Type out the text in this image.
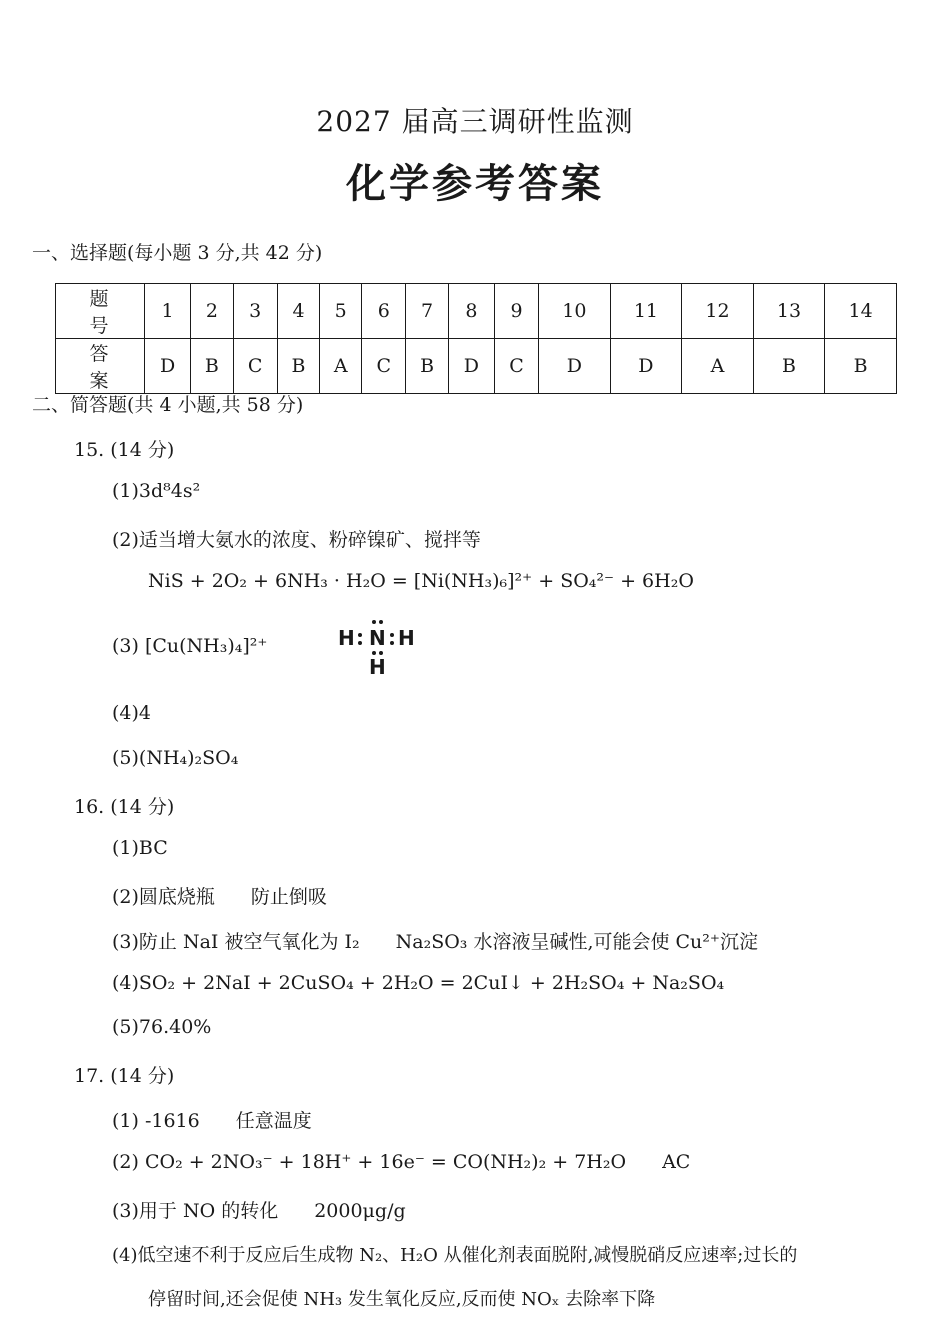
2027 届高三调研性监测
化学参考答案
一、选择题(每小题 3 分,共 42 分)
题 号	1	2	3	4	5	6	7	8	9	10	11	12	13	14
答 案	D	B	C	B	A	C	B	D	C	D	D	A	B	B
二、简答题(共 4 小题,共 58 分)
15. (14 分)
(1)3d⁸4s²
(2)适当增大氨水的浓度、粉碎镍矿、搅拌等
NiS + 2O₂ + 6NH₃ · H₂O = [Ni(NH₃)₆]²⁺ + SO₄²⁻ + 6H₂O
(3) [Cu(NH₃)₄]²⁺	H N H
H
(4)4
(5)(NH₄)₂SO₄
16. (14 分)
(1)BC
(2)圆底烧瓶 防止倒吸
(3)防止 NaI 被空气氧化为 I₂ Na₂SO₃ 水溶液呈碱性,可能会使 Cu²⁺沉淀
(4)SO₂ + 2NaI + 2CuSO₄ + 2H₂O = 2CuI↓ + 2H₂SO₄ + Na₂SO₄
(5)76.40%
17. (14 分)
(1) -1616 任意温度
(2) CO₂ + 2NO₃⁻ + 18H⁺ + 16e⁻ = CO(NH₂)₂ + 7H₂O AC
(3)用于 NO 的转化 2000μg/g
(4)低空速不利于反应后生成物 N₂、H₂O 从催化剂表面脱附,减慢脱硝反应速率;过长的
停留时间,还会促使 NH₃ 发生氧化反应,反而使 NOₓ 去除率下降
